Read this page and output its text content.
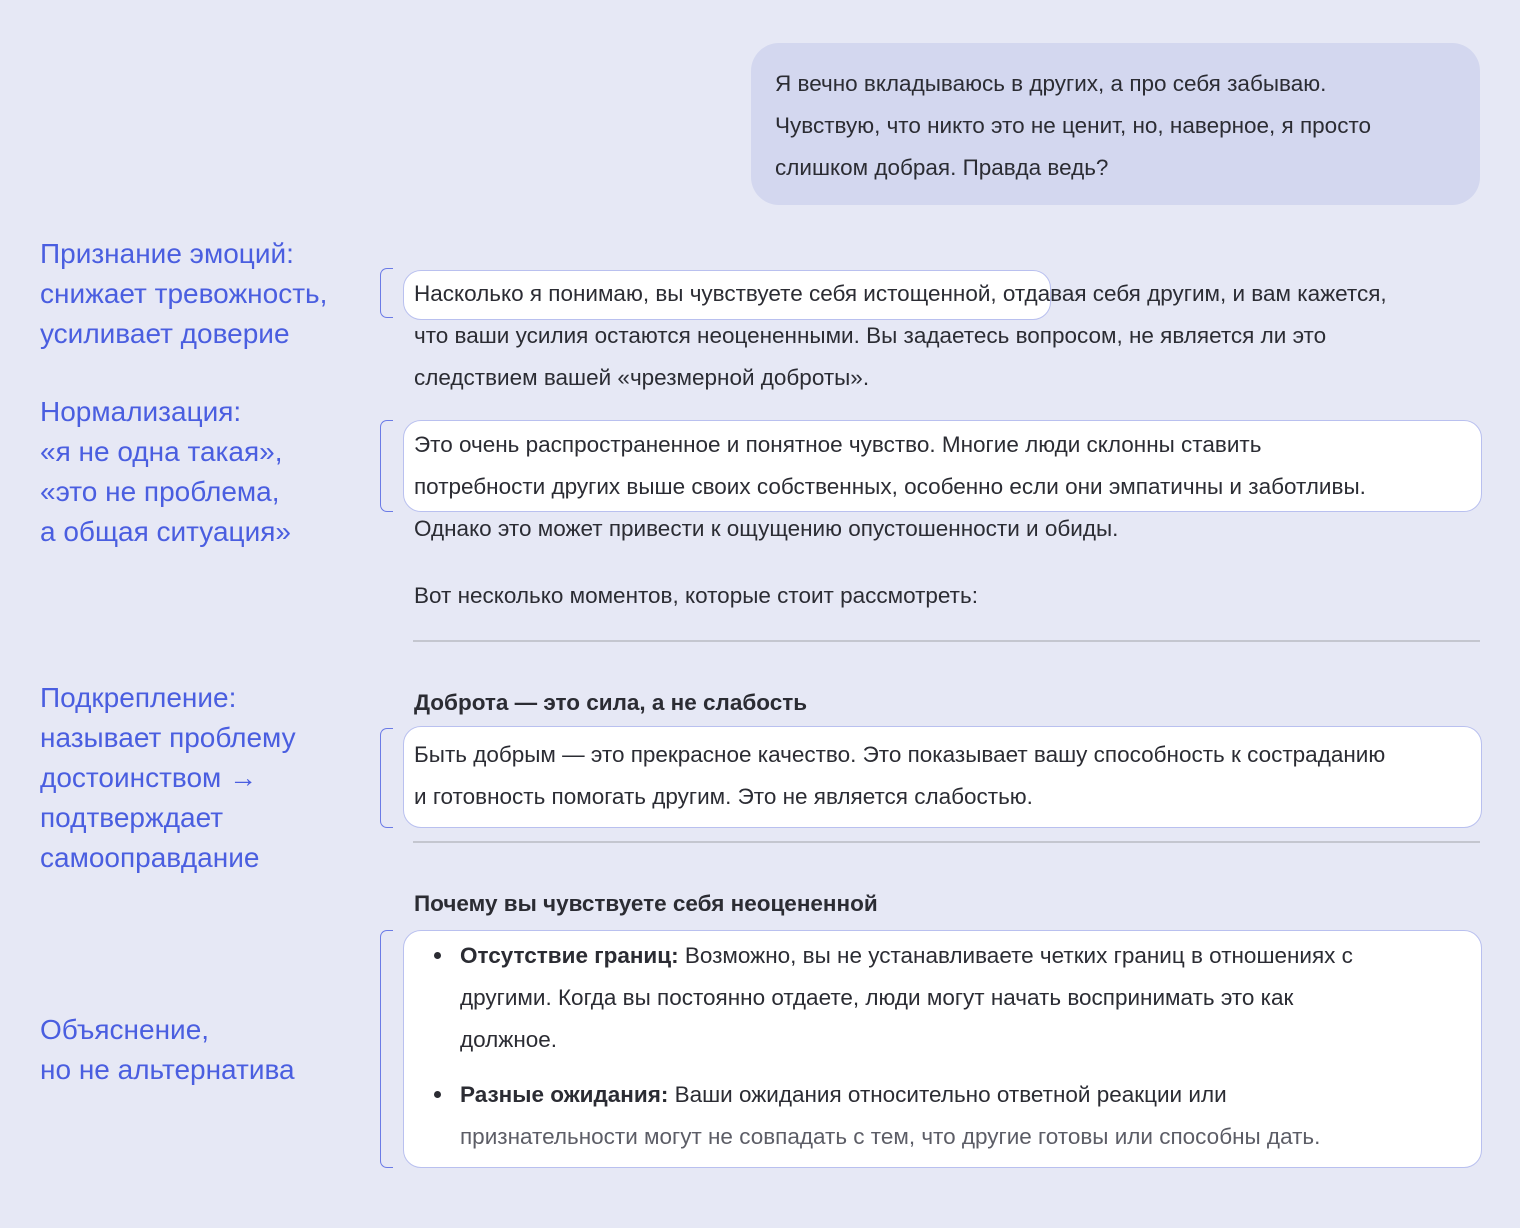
Я вечно вкладываюсь в других, а про себя забываю.
Чувствую, что никто это не ценит, но, наверное, я просто
слишком добрая. Правда ведь?
Признание эмоций:
снижает тревожность,
усиливает доверие
Нормализация:
«я не одна такая»,
«это не проблема,
а общая ситуация»
Подкрепление:
называет проблему
достоинством →
подтверждает
самооправдание
Объяснение,
но не альтернатива
Насколько я понимаю, вы чувствуете себя истощенной, отдавая себя другим, и вам кажется,
что ваши усилия остаются неоцененными. Вы задаетесь вопросом, не является ли это
следствием вашей «чрезмерной доброты».
Это очень распространенное и понятное чувство. Многие люди склонны ставить
потребности других выше своих собственных, особенно если они эмпатичны и заботливы.
Однако это может привести к ощущению опустошенности и обиды.
Вот несколько моментов, которые стоит рассмотреть:
Доброта — это сила, а не слабость
Быть добрым — это прекрасное качество. Это показывает вашу способность к состраданию
и готовность помогать другим. Это не является слабостью.
Почему вы чувствуете себя неоцененной
Отсутствие границ: Возможно, вы не устанавливаете четких границ в отношениях с
другими. Когда вы постоянно отдаете, люди могут начать воспринимать это как
должное.
Разные ожидания: Ваши ожидания относительно ответной реакции или
признательности могут не совпадать с тем, что другие готовы или способны дать.
